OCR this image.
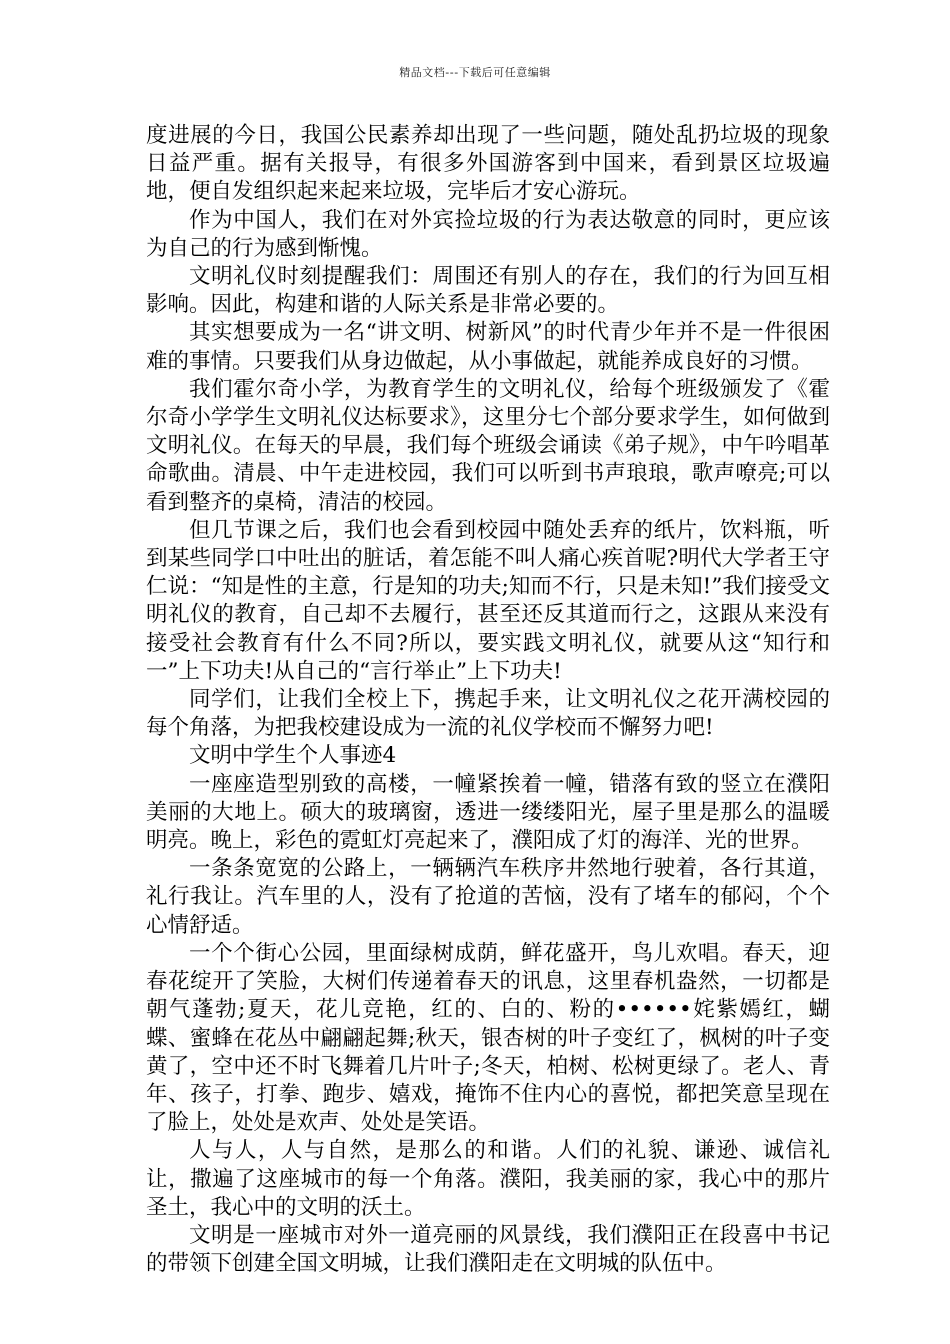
精品文档---下载后可任意编辑

度进展的今日，我国公民素养却出现了一些问题，随处乱扔垃圾的现象日益严重。据有关报导，有很多外国游客到中国来，看到景区垃圾遍地，便自发组织起来起来垃圾，完毕后才安心游玩。

作为中国人，我们在对外宾捡垃圾的行为表达敬意的同时，更应该为自己的行为感到惭愧。

文明礼仪时刻提醒我们：周围还有别人的存在，我们的行为回互相影响。因此，构建和谐的人际关系是非常必要的。

其实想要成为一名“讲文明、树新风”的时代青少年并不是一件很困难的事情。只要我们从身边做起，从小事做起，就能养成良好的习惯。

我们霍尔奇小学，为教育学生的文明礼仪，给每个班级颁发了《霍尔奇小学学生文明礼仪达标要求》，这里分七个部分要求学生，如何做到文明礼仪。在每天的早晨，我们每个班级会诵读《弟子规》，中午吟唱革命歌曲。清晨、中午走进校园，我们可以听到书声琅琅，歌声嘹亮;可以看到整齐的桌椅，清洁的校园。

但几节课之后，我们也会看到校园中随处丢弃的纸片，饮料瓶，听到某些同学口中吐出的脏话，着怎能不叫人痛心疾首呢?明代大学者王守仁说：“知是性的主意，行是知的功夫;知而不行，只是未知!”我们接受文明礼仪的教育，自己却不去履行，甚至还反其道而行之，这跟从来没有接受社会教育有什么不同?所以，要实践文明礼仪，就要从这“知行和一”上下功夫!从自己的“言行举止”上下功夫!

同学们，让我们全校上下，携起手来，让文明礼仪之花开满校园的每个角落，为把我校建设成为一流的礼仪学校而不懈努力吧!

文明中学生个人事迹4

一座座造型别致的高楼，一幢紧挨着一幢，错落有致的竖立在濮阳美丽的大地上。硕大的玻璃窗，透进一缕缕阳光，屋子里是那么的温暖明亮。晚上，彩色的霓虹灯亮起来了，濮阳成了灯的海洋、光的世界。

一条条宽宽的公路上，一辆辆汽车秩序井然地行驶着，各行其道，礼行我让。汽车里的人，没有了抢道的苦恼，没有了堵车的郁闷，个个心情舒适。

一个个街心公园，里面绿树成荫，鲜花盛开，鸟儿欢唱。春天，迎春花绽开了笑脸，大树们传递着春天的讯息，这里春机盎然，一切都是朝气蓬勃;夏天，花儿竞艳，红的、白的、粉的••••••姹紫嫣红，蝴蝶、蜜蜂在花丛中翩翩起舞;秋天，银杏树的叶子变红了，枫树的叶子变黄了，空中还不时飞舞着几片叶子;冬天，柏树、松树更绿了。老人、青年、孩子，打拳、跑步、嬉戏，掩饰不住内心的喜悦，都把笑意呈现在了脸上，处处是欢声、处处是笑语。

人与人，人与自然，是那么的和谐。人们的礼貌、谦逊、诚信礼让，撒遍了这座城市的每一个角落。濮阳，我美丽的家，我心中的那片圣土，我心中的文明的沃土。

文明是一座城市对外一道亮丽的风景线，我们濮阳正在段喜中书记的带领下创建全国文明城，让我们濮阳走在文明城的队伍中。
